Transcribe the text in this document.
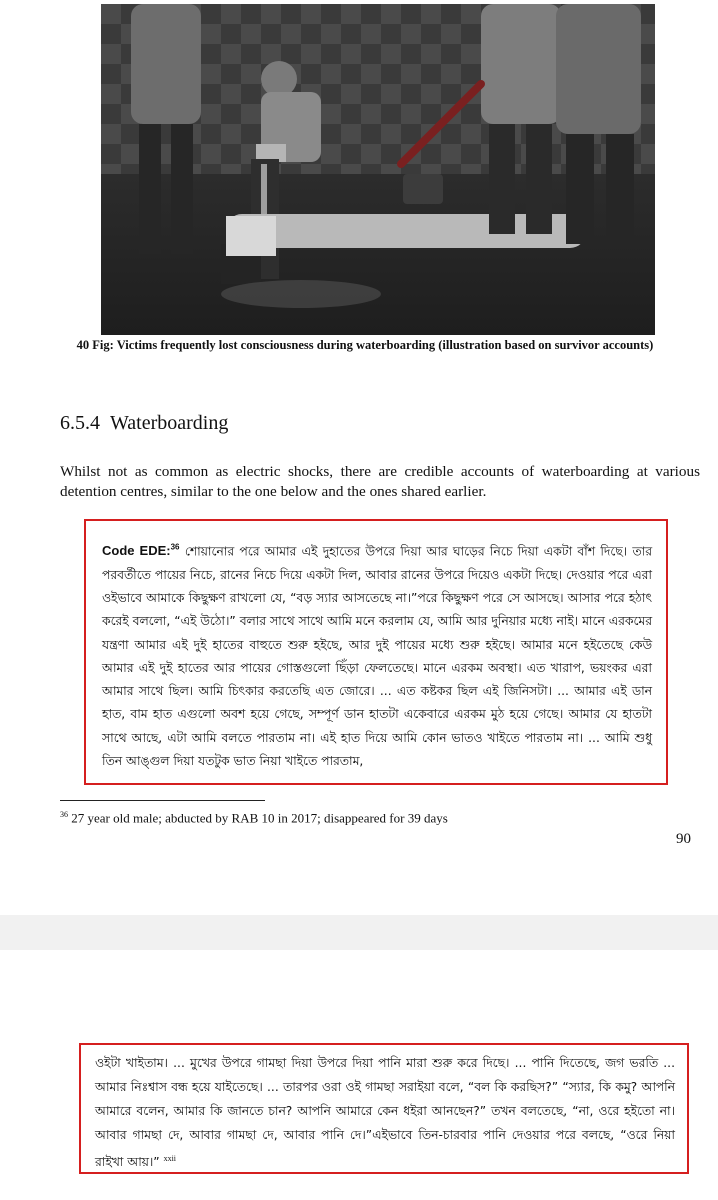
40 Fig: Victims frequently lost consciousness during waterboarding (illustration based on survivor accounts)
6.5.4 Waterboarding
Whilst not as common as electric shocks, there are credible accounts of waterboarding at various detention centres, similar to the one below and the ones shared earlier.
Code EDE:$^{36}$ শোয়ানোর পরে আমার এই দুহাতের উপরে দিয়া আর ঘাড়ের নিচে দিয়া একটা বাঁশ দিছে। তার পরবর্তীতে পায়ের নিচে, রানের নিচে দিয়ে একটা দিল, আবার রানের উপরে দিয়েও একটা দিছে। দেওয়ার পরে এরা ওইভাবে আমাকে কিছুক্ষণ রাখলো যে, “বড় স্যার আসতেছে না।”পরে কিছুক্ষণ পরে সে আসছে। আসার পরে হঠাৎ করেই বললো, “এই উঠো।” বলার সাথে সাথে আমি মনে করলাম যে, আমি আর দুনিয়ার মধ্যে নাই। মানে এরকমের যন্ত্রণা আমার এই দুই হাতের বাহুতে শুরু হইছে, আর দুই পায়ের মধ্যে শুরু হইছে। আমার মনে হইতেছে কেউ আমার এই দুই হাতের আর পায়ের গোস্তগুলো ছিঁড়া ফেলতেছে। মানে এরকম অবস্থা। এত খারাপ, ভয়ংকর এরা আমার সাথে ছিল। আমি চিৎকার করতেছি এত জোরে। ... এত কষ্টকর ছিল এই জিনিসটা। ... আমার এই ডান হাত, বাম হাত এগুলো অবশ হয়ে গেছে, সম্পূর্ণ ডান হাতটা একেবারে এরকম মুঠ হয়ে গেছে। আমার যে হাতটা সাথে আছে, এটা আমি বলতে পারতাম না। এই হাত দিয়ে আমি কোন ভাতও খাইতে পারতাম না। ... আমি শুধু তিন আঙ্গুল দিয়া যতটুক ভাত নিয়া খাইতে পারতাম,
$^{36}$ 27 year old male; abducted by RAB 10 in 2017; disappeared for 39 days
90
ওইটা খাইতাম। ... মুখের উপরে গামছা দিয়া উপরে দিয়া পানি মারা শুরু করে দিছে। ... পানি দিতেছে, জগ ভরতি ... আমার নিঃশ্বাস বন্ধ হয়ে যাইতেছে। ... তারপর ওরা ওই গামছা সরাইয়া বলে, “বল কি করছিস?” “স্যার, কি কমু? আপনি আমারে বলেন, আমার কি জানতে চান? আপনি আমারে কেন ধইরা আনছেন?” তখন বলতেছে, “না, ওরে হইতো না। আবার গামছা দে, আবার গামছা দে, আবার পানি দে।”এইভাবে তিন-চারবার পানি দেওয়ার পরে বলছে, “ওরে নিয়া রাইখা আয়।” $^{xxii}$
